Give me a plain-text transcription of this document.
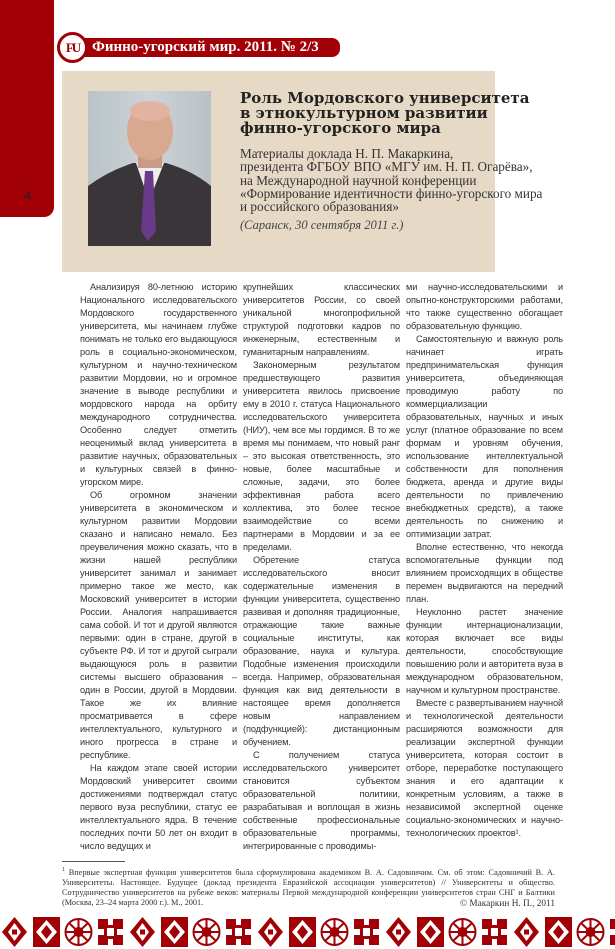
4
FU Финно-угорский мир. 2011. № 2/3
Роль Мордовского университета
в этнокультурном развитии
финно-угорского мира
Материалы доклада Н. П. Макаркина,
президента ФГБОУ ВПО «МГУ им. Н. П. Огарёва»,
на Международной научной конференции
«Формирование идентичности финно-угорского мира
и российского образования»
(Саранск, 30 сентября 2011 г.)

Анализируя 80-летнюю историю Национального исследовательского Мордовского государственного университета, мы начинаем глубже понимать не только его выдающуюся роль в социально-экономическом, культурном и научно-техническом развитии Мордовии, но и огромное значение в выводе республики и мордовского народа на орбиту международного сотрудничества. Особенно следует отметить неоценимый вклад университета в развитие научных, образовательных и культурных связей в финно-угорском мире.

Об огромном значении университета в экономическом и культурном развитии Мордовии сказано и написано немало. Без преувеличения можно сказать, что в жизни нашей республики университет занимал и занимает примерно такое же место, как Московский университет в истории России. Аналогия напрашивается сама собой. И тот и другой являются первыми: один в стране, другой в субъекте РФ. И тот и другой сыграли выдающуюся роль в развитии системы высшего образования – один в России, другой в Мордовии. Такое же их влияние просматривается в сфере интеллектуального, культурного и иного прогресса в стране и республике.

На каждом этапе своей истории Мордовский университет своими достижениями подтверждал статус первого вуза республики, статус ее интеллектуального ядра. В течение последних почти 50 лет он входит в число ведущих и

крупнейших классических университетов России, со своей уникальной многопрофильной структурой подготовки кадров по инженерным, естественным и гуманитарным направлениям.

Закономерным результатом предшествующего развития университета явилось присвоение ему в 2010 г. статуса Национального исследовательского университета (НИУ), чем все мы гордимся. В то же время мы понимаем, что новый ранг – это высокая ответственность, это новые, более масштабные и сложные, задачи, это более эффективная работа всего коллектива, это более тесное взаимодействие со всеми партнерами в Мордовии и за ее пределами.

Обретение статуса исследовательского вносит содержательные изменения в функции университета, существенно развивая и дополняя традиционные, отражающие такие важные социальные институты, как образование, наука и культура. Подобные изменения происходили всегда. Например, образовательная функция как вид деятельности в настоящее время дополняется новым направлением (подфункцией): дистанционным обучением.

С получением статуса исследовательского университет становится субъектом образовательной политики, разрабатывая и воплощая в жизнь собственные профессиональные образовательные программы, интегрированные с проводимы-

ми научно-исследовательскими и опытно-конструкторскими работами, что также существенно обогащает образовательную функцию.

Самостоятельную и важную роль начинает играть предпринимательская функция университета, объединяющая проводимую работу по коммерциализации образовательных, научных и иных услуг (платное образование по всем формам и уровням обучения, использование интеллектуальной собственности для пополнения бюджета, аренда и другие виды деятельности по привлечению внебюджетных средств), а также деятельность по снижению и оптимизации затрат.

Вполне естественно, что некогда вспомогательные функции под влиянием происходящих в обществе перемен выдвигаются на передний план.

Неуклонно растет значение функции интернационализации, которая включает все виды деятельности, способствующие повышению роли и авторитета вуза в международном образовательном, научном и культурном пространстве.

Вместе с развертыванием научной и технологической деятельности расширяются возможности для реализации экспертной функции университета, которая состоит в отборе, переработке поступающего знания и его адаптации к конкретным условиям, а также в независимой экспертной оценке социально-экономических и научно-технологических проектов¹.

$^1$ Впервые экспертная функция университетов была сформулирована академиком В. А. Садовничим. См. об этом: Садовничий В. А. Университеты. Настоящее. Будущее (доклад президента Евразийской ассоциации университетов) // Университеты и общество. Сотрудничество университетов на рубеже веков: материалы Первой международной конференции университетов стран СНГ и Балтики (Москва, 23–24 марта 2000 г.). М., 2001.	© Макаркин Н. П., 2011
